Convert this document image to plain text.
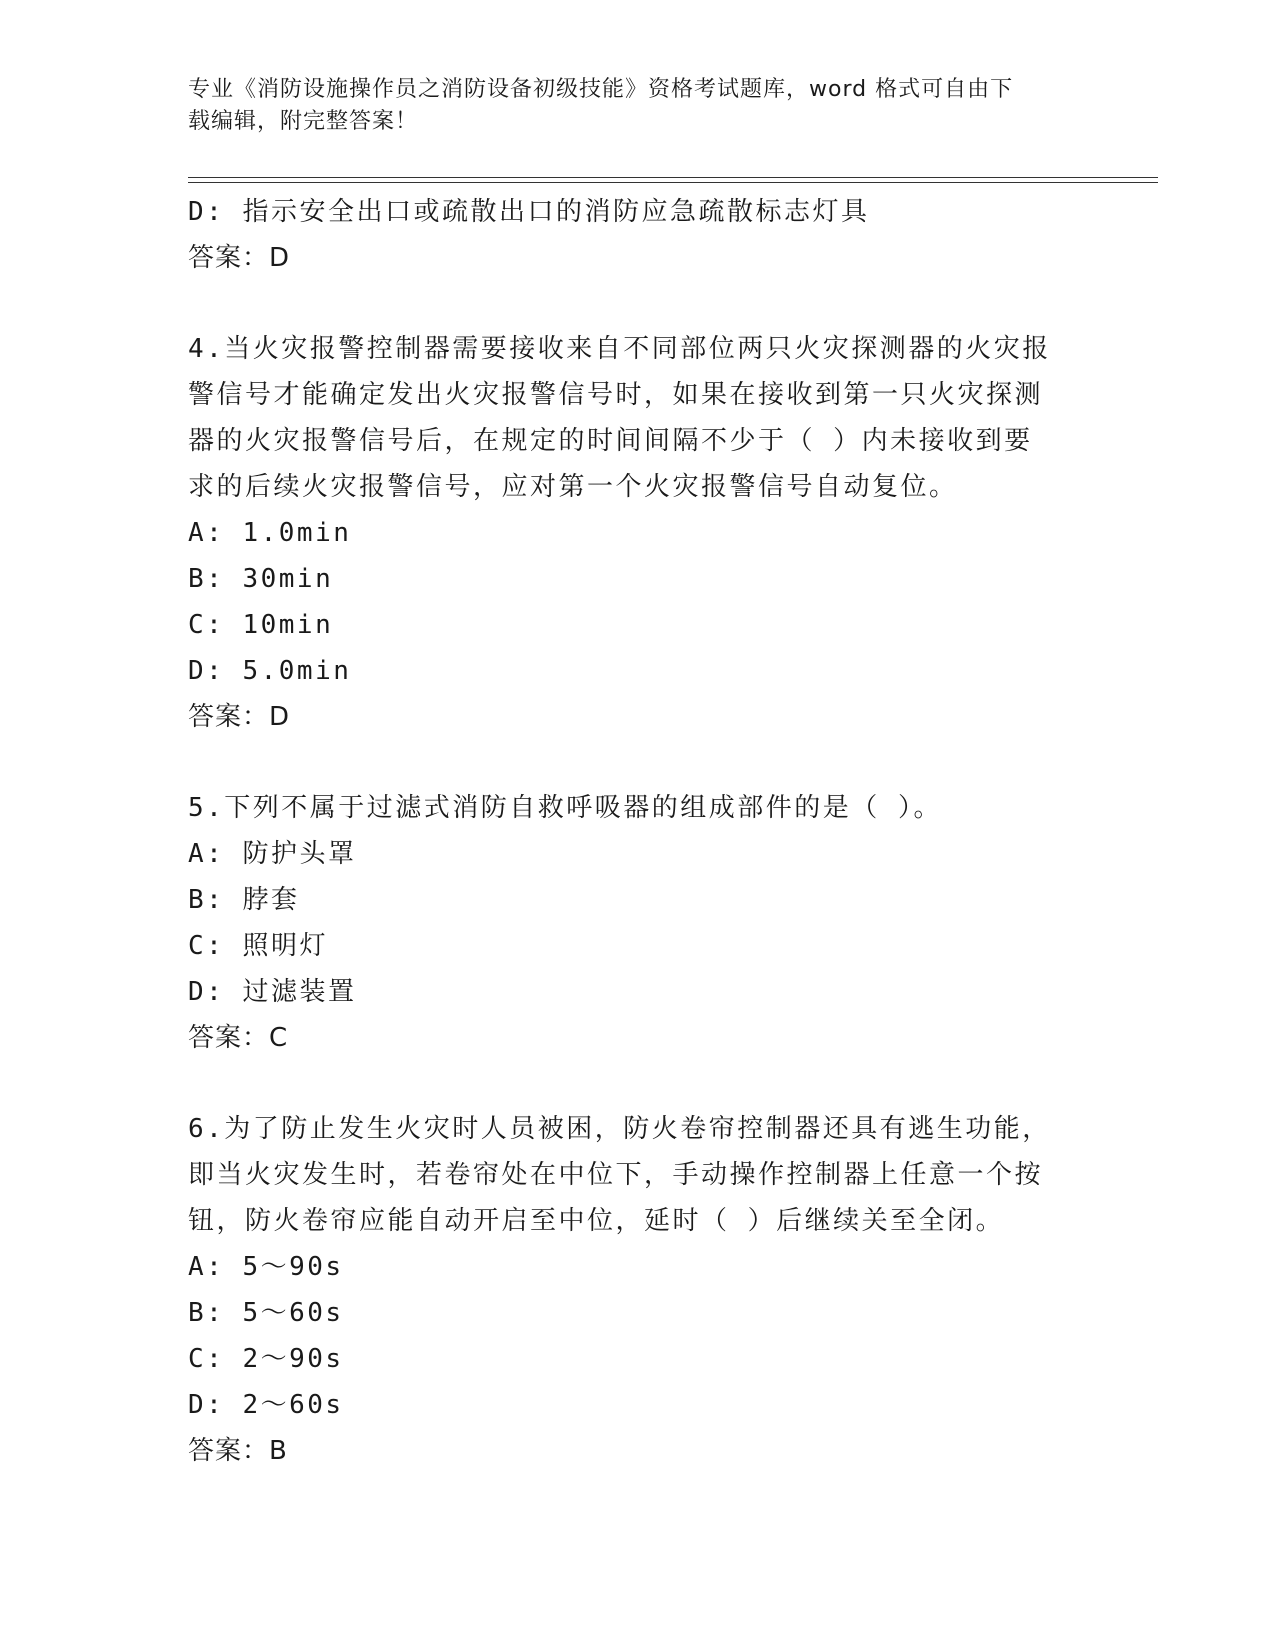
专业《消防设施操作员之消防设备初级技能》资格考试题库，word 格式可自由下
载编辑，附完整答案！
D: 指示安全出口或疏散出口的消防应急疏散标志灯具
答案：D
4.当火灾报警控制器需要接收来自不同部位两只火灾探测器的火灾报
警信号才能确定发出火灾报警信号时，如果在接收到第一只火灾探测
器的火灾报警信号后，在规定的时间间隔不少于（ ）内未接收到要
求的后续火灾报警信号，应对第一个火灾报警信号自动复位。
A: 1.0min
B: 30min
C: 10min
D: 5.0min
答案：D
5.下列不属于过滤式消防自救呼吸器的组成部件的是（ ）。
A: 防护头罩
B: 脖套
C: 照明灯
D: 过滤装置
答案：C
6.为了防止发生火灾时人员被困，防火卷帘控制器还具有逃生功能，
即当火灾发生时，若卷帘处在中位下，手动操作控制器上任意一个按
钮，防火卷帘应能自动开启至中位，延时（ ）后继续关至全闭。
A: 5～90s
B: 5～60s
C: 2～90s
D: 2～60s
答案：B
